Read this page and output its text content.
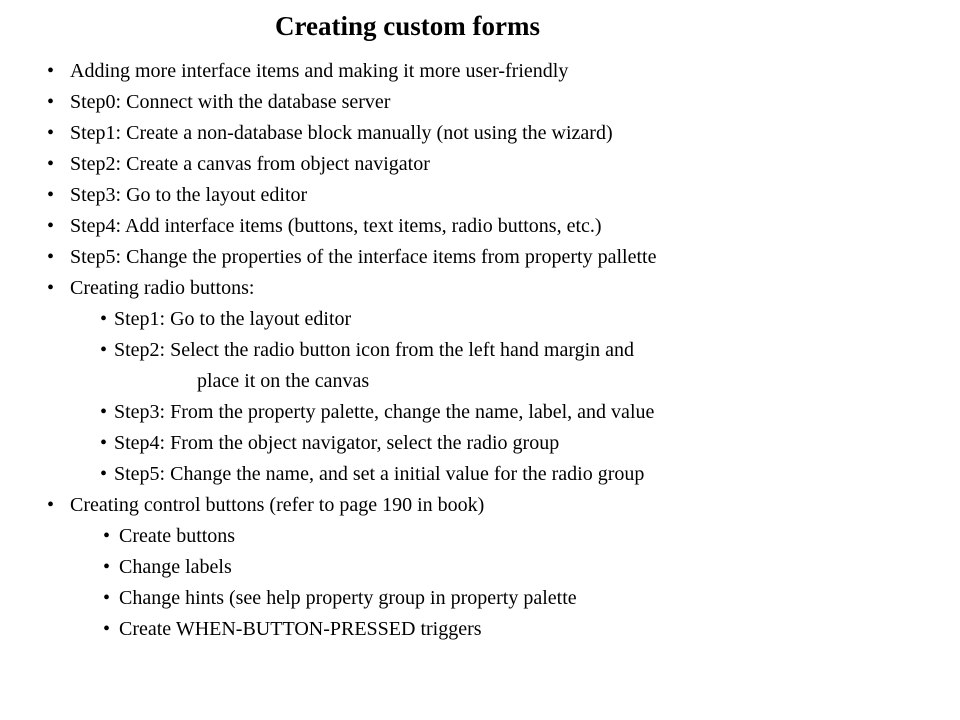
Creating custom forms
• Adding more interface items and making it more user-friendly
• Step0: Connect with the database server
• Step1: Create a non-database block manually (not using the wizard)
• Step2: Create a canvas from object navigator
• Step3: Go to the layout editor
• Step4: Add interface items (buttons, text items, radio buttons, etc.)
• Step5: Change the properties of the interface items from property pallette
• Creating radio buttons:
• Step1: Go to the layout editor
• Step2: Select the radio button icon from the left hand margin and
place it on the canvas
• Step3: From the property palette, change the name, label, and value
• Step4: From the object navigator, select the radio group
• Step5: Change the name, and set a initial value for the radio group
• Creating control buttons (refer to page 190 in book)
• Create buttons
• Change labels
• Change hints (see help property group in property palette
• Create WHEN-BUTTON-PRESSED triggers
